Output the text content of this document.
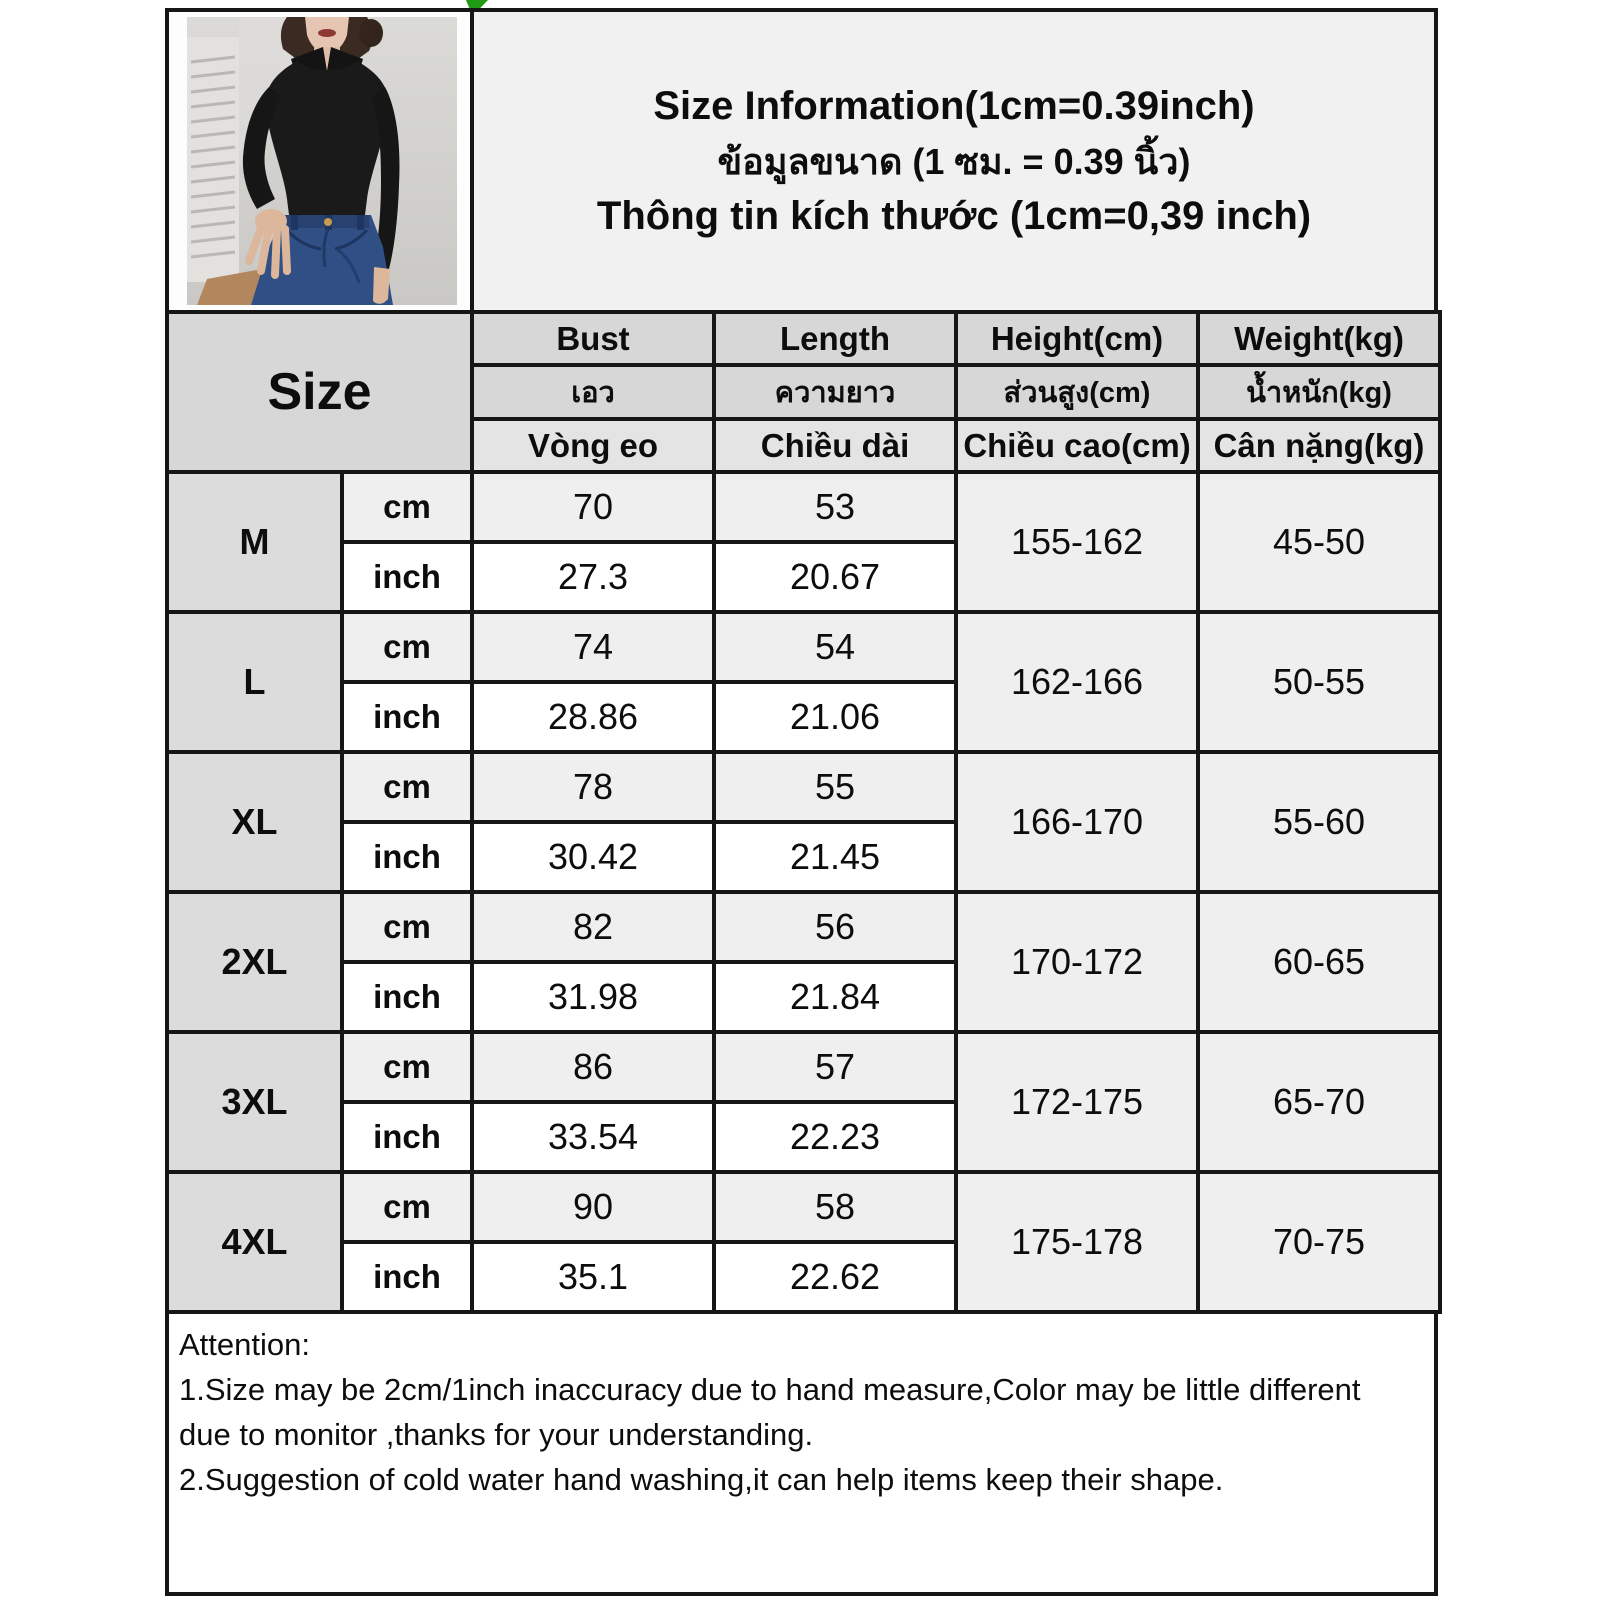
Size Information(1cm=0.39inch)
ข้อมูลขนาด (1 ซม. = 0.39 นิ้ว)
Thông tin kích thước (1cm=0,39 inch)
Size		Bust	Length	Height(cm)	Weight(kg)
		เอว	ความยาว	ส่วนสูง(cm)	น้ำหนัก(kg)
		Vòng eo	Chiều dài	Chiều cao(cm)	Cân nặng(kg)
M	cm	70	53	155-162	45-50
	inch	27.3	20.67		
L	cm	74	54	162-166	50-55
	inch	28.86	21.06		
XL	cm	78	55	166-170	55-60
	inch	30.42	21.45		
2XL	cm	82	56	170-172	60-65
	inch	31.98	21.84		
3XL	cm	86	57	172-175	65-70
	inch	33.54	22.23		
4XL	cm	90	58	175-178	70-75
	inch	35.1	22.62		
Attention:
1.Size may be 2cm/1inch inaccuracy due to hand measure,Color may be little different
due to monitor ,thanks for your understanding.
2.Suggestion of cold water hand washing,it can help items keep their shape.
